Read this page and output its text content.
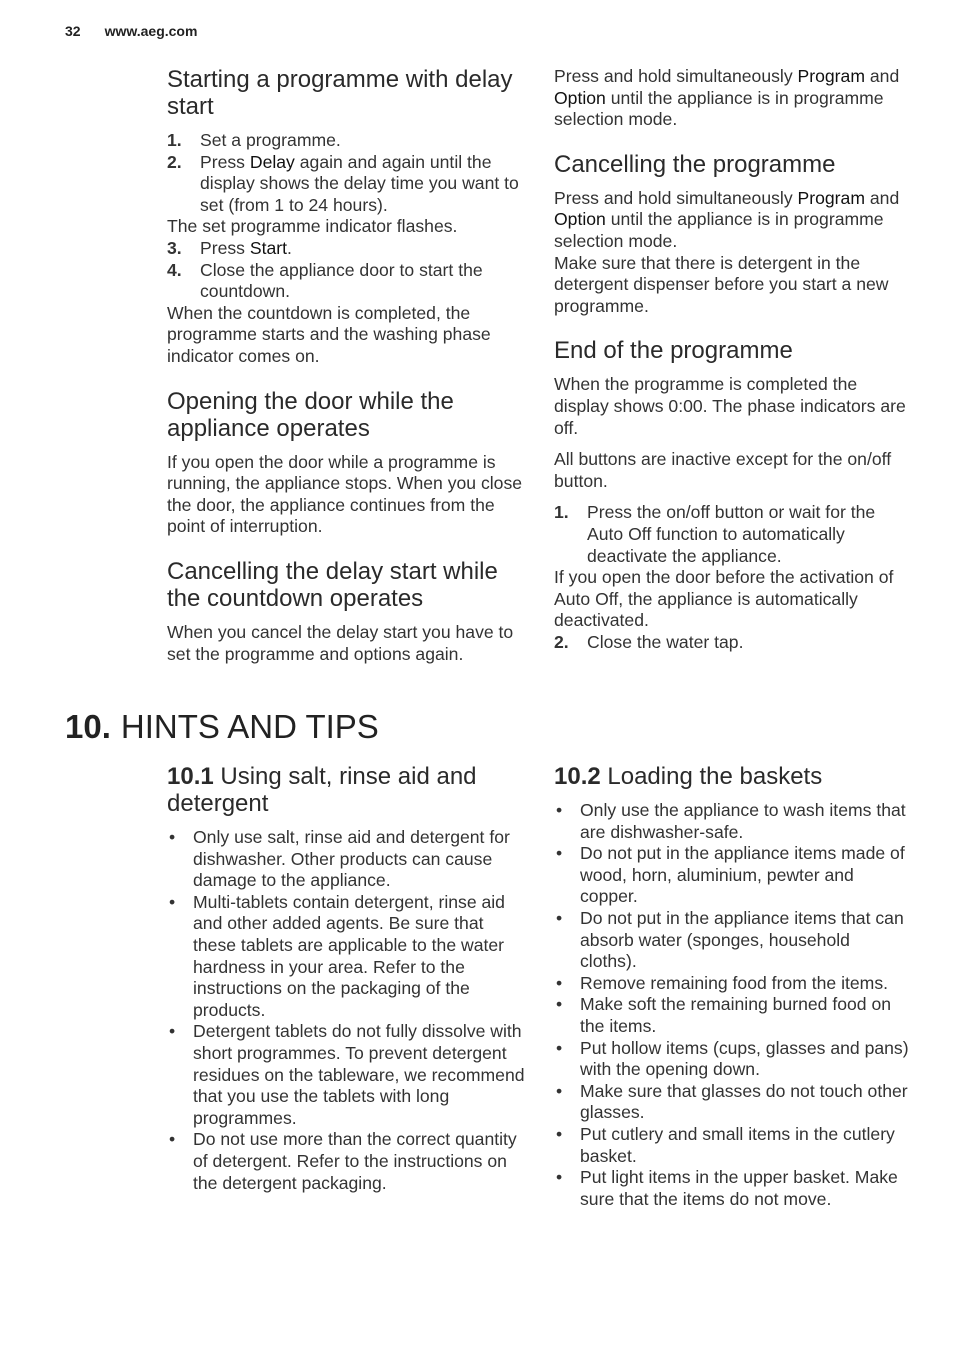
32 www.aeg.com
Starting a programme with delay start
1. Set a programme.
2. Press Delay again and again until the display shows the delay time you want to set (from 1 to 24 hours).

The set programme indicator flashes.

3. Press Start.
4. Close the appliance door to start the countdown.

When the countdown is completed, the programme starts and the washing phase indicator comes on.

Opening the door while the appliance operates

If you open the door while a programme is running, the appliance stops. When you close the door, the appliance continues from the point of interruption.

Cancelling the delay start while the countdown operates

When you cancel the delay start you have to set the programme and options again.

Press and hold simultaneously Program and Option until the appliance is in programme selection mode.

Cancelling the programme

Press and hold simultaneously Program and Option until the appliance is in programme selection mode.

Make sure that there is detergent in the detergent dispenser before you start a new programme.

End of the programme

When the programme is completed the display shows 0:00. The phase indicators are off.

All buttons are inactive except for the on/off button.

1. Press the on/off button or wait for the Auto Off function to automatically deactivate the appliance.

If you open the door before the activation of Auto Off, the appliance is automatically deactivated.

2. Close the water tap.
10. HINTS AND TIPS
10.1 Using salt, rinse aid and detergent
• Only use salt, rinse aid and detergent for dishwasher. Other products can cause damage to the appliance.
• Multi-tablets contain detergent, rinse aid and other added agents. Be sure that these tablets are applicable to the water hardness in your area. Refer to the instructions on the packaging of the products.
• Detergent tablets do not fully dissolve with short programmes. To prevent detergent residues on the tableware, we recommend that you use the tablets with long programmes.
• Do not use more than the correct quantity of detergent. Refer to the instructions on the detergent packaging.
10.2 Loading the baskets
• Only use the appliance to wash items that are dishwasher-safe.
• Do not put in the appliance items made of wood, horn, aluminium, pewter and copper.
• Do not put in the appliance items that can absorb water (sponges, household cloths).
• Remove remaining food from the items.
• Make soft the remaining burned food on the items.
• Put hollow items (cups, glasses and pans) with the opening down.
• Make sure that glasses do not touch other glasses.
• Put cutlery and small items in the cutlery basket.
• Put light items in the upper basket. Make sure that the items do not move.
